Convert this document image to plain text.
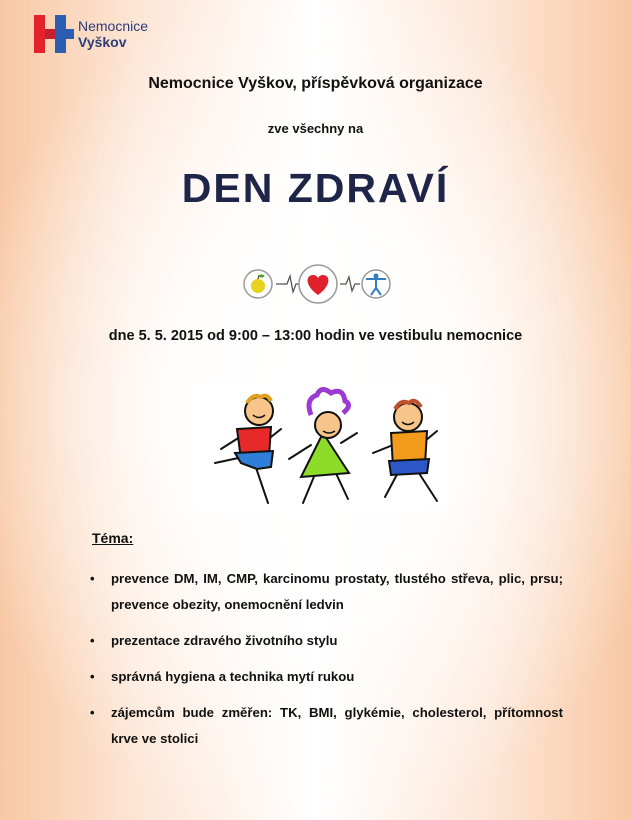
Nemocnice
Vyškov
Nemocnice Vyškov, příspěvková organizace
zve všechny na
DEN ZDRAVÍ
dne 5. 5. 2015 od 9:00 – 13:00 hodin ve vestibulu nemocnice
Téma:
• prevence DM, IM, CMP, karcinomu prostaty, tlustého střeva, plic, prsu; prevence obezity, onemocnění ledvin
• prezentace zdravého životního stylu
• správná hygiena a technika mytí rukou
• zájemcům bude změřen: TK, BMI, glykémie, cholesterol, přítomnost krve ve stolici
